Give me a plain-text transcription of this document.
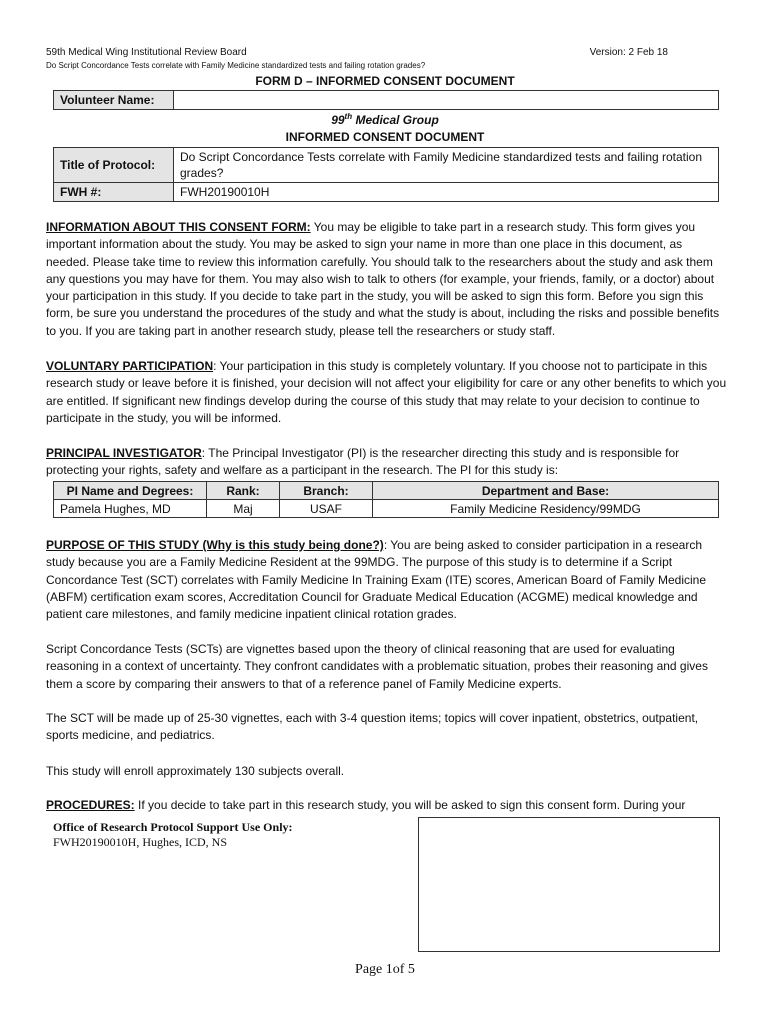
59th Medical Wing Institutional Review Board	Version: 2 Feb 18
Do Script Concordance Tests correlate with Family Medicine standardized tests and failing rotation grades?
FORM D – INFORMED CONSENT DOCUMENT
Volunteer Name:	
99th Medical Group
INFORMED CONSENT DOCUMENT
Title of Protocol:	Do Script Concordance Tests correlate with Family Medicine standardized tests and failing rotation grades?
FWH #:	FWH20190010H

INFORMATION ABOUT THIS CONSENT FORM: You may be eligible to take part in a research study. This form gives you important information about the study. You may be asked to sign your name in more than one place in this document, as needed. Please take time to review this information carefully. You should talk to the researchers about the study and ask them any questions you may have for them. You may also wish to talk to others (for example, your friends, family, or a doctor) about your participation in this study. If you decide to take part in the study, you will be asked to sign this form. Before you sign this form, be sure you understand the procedures of the study and what the study is about, including the risks and possible benefits to you. If you are taking part in another research study, please tell the researchers or study staff.

VOLUNTARY PARTICIPATION: Your participation in this study is completely voluntary. If you choose not to participate in this research study or leave before it is finished, your decision will not affect your eligibility for care or any other benefits to which you are entitled. If significant new findings develop during the course of this study that may relate to your decision to continue to participate in the study, you will be informed.

PRINCIPAL INVESTIGATOR: The Principal Investigator (PI) is the researcher directing this study and is responsible for protecting your rights, safety and welfare as a participant in the research. The PI for this study is:

PI Name and Degrees:	Rank:	Branch:	Department and Base:
Pamela Hughes, MD	Maj	USAF	Family Medicine Residency/99MDG

PURPOSE OF THIS STUDY (Why is this study being done?): You are being asked to consider participation in a research study because you are a Family Medicine Resident at the 99MDG. The purpose of this study is to determine if a Script Concordance Test (SCT) correlates with Family Medicine In Training Exam (ITE) scores, American Board of Family Medicine (ABFM) certification exam scores, Accreditation Council for Graduate Medical Education (ACGME) medical knowledge and patient care milestones, and family medicine inpatient clinical rotation grades.

Script Concordance Tests (SCTs) are vignettes based upon the theory of clinical reasoning that are used for evaluating reasoning in a context of uncertainty. They confront candidates with a problematic situation, probes their reasoning and gives them a score by comparing their answers to that of a reference panel of Family Medicine experts.

The SCT will be made up of 25-30 vignettes, each with 3-4 question items; topics will cover inpatient, obstetrics, outpatient, sports medicine, and pediatrics.

This study will enroll approximately 130 subjects overall.

PROCEDURES: If you decide to take part in this research study, you will be asked to sign this consent form. During your

Office of Research Protocol Support Use Only:
FWH20190010H, Hughes, ICD, NS
Page 1of 5
